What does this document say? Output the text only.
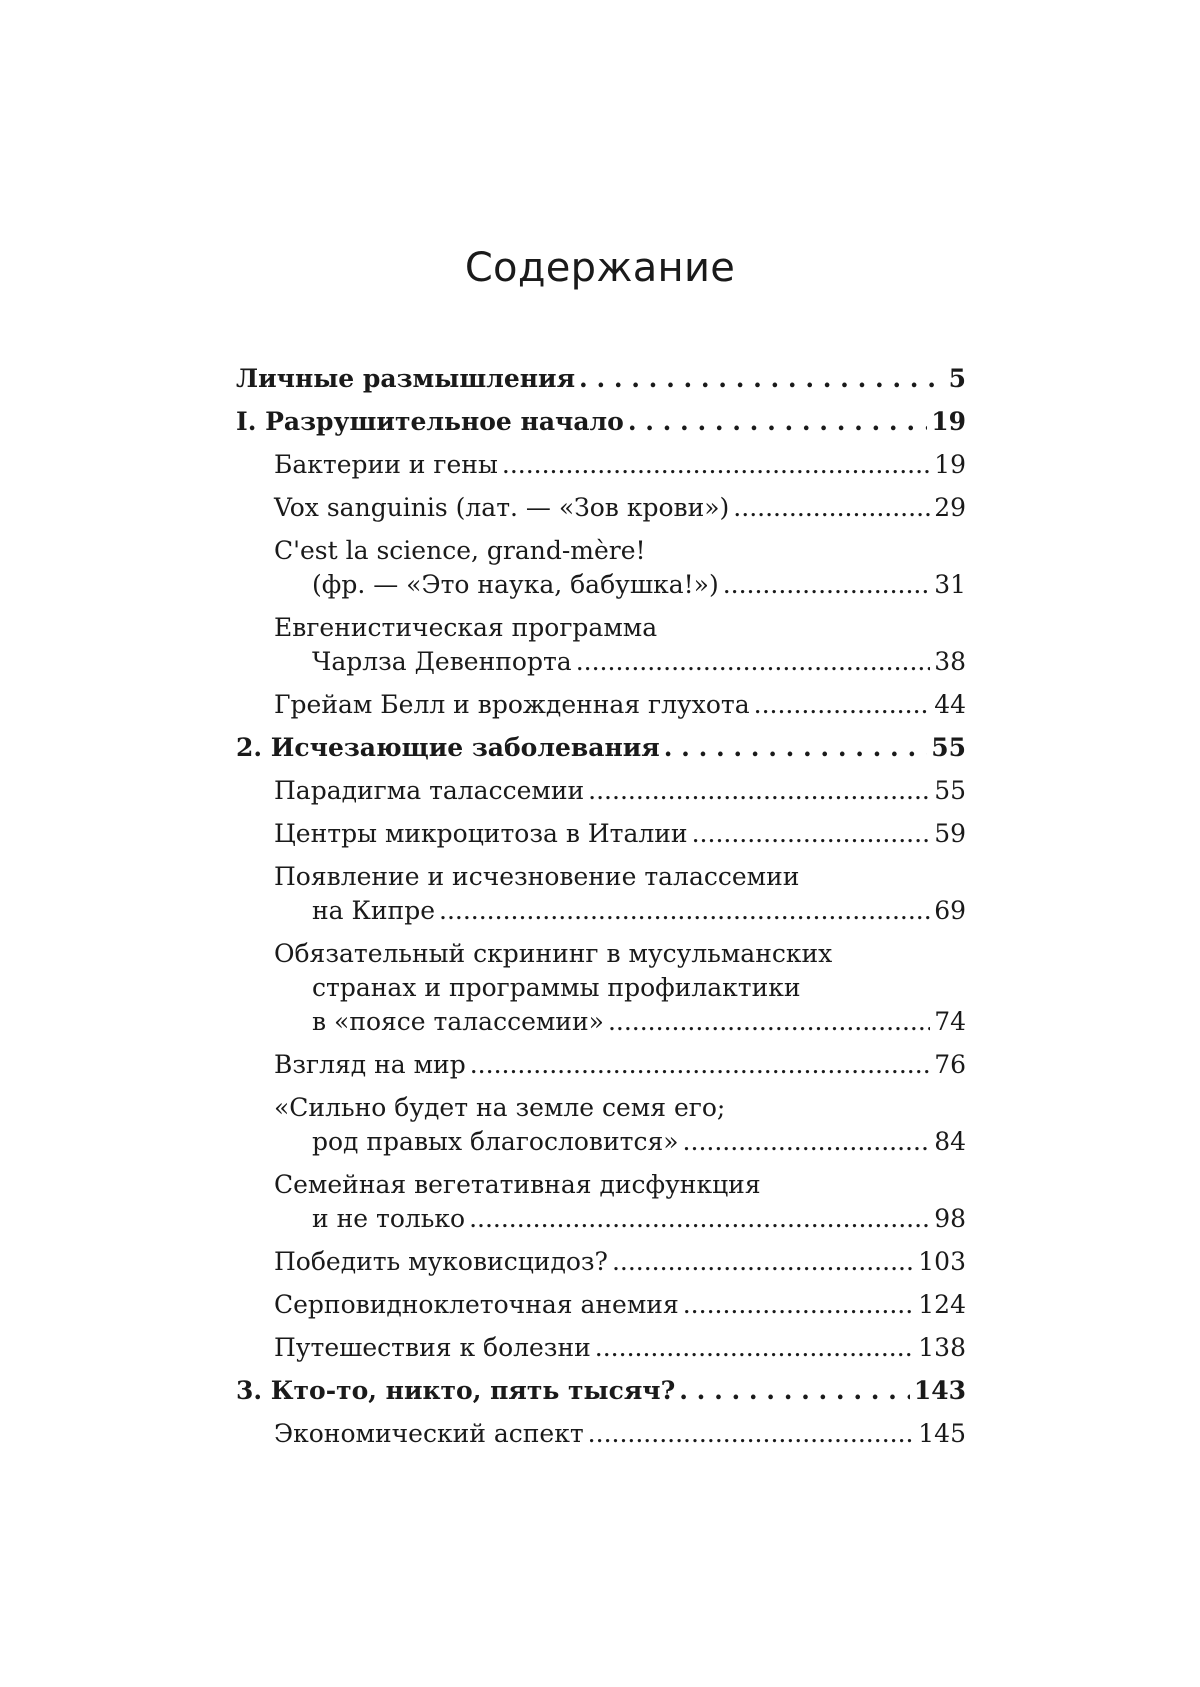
Содержание
Личные размышления . . .	5
I. Разрушительное начало . . .	19
Бактерии и гены .....	19
Vox sanguinis (лат. — «Зов крови») .....	29
C'est la science, grand-mère!
(фр. — «Это наука, бабушка!») .....	31
Евгенистическая программа
Чарлза Девенпорта .....	38
Грейам Белл и врожденная глухота .....	44
2. Исчезающие заболевания . . .	55
Парадигма талассемии .....	55
Центры микроцитоза в Италии .....	59
Появление и исчезновение талассемии
на Кипре .....	69
Обязательный скрининг в мусульманских
странах и программы профилактики
в «поясе талассемии» .....	74
Взгляд на мир .....	76
«Сильно будет на земле семя его;
род правых благословится» .....	84
Семейная вегетативная дисфункция
и не только .....	98
Победить муковисцидоз? .....	103
Серповидноклеточная анемия .....	124
Путешествия к болезни .....	138
3. Кто-то, никто, пять тысяч? . . .	143
Экономический аспект .....	145
